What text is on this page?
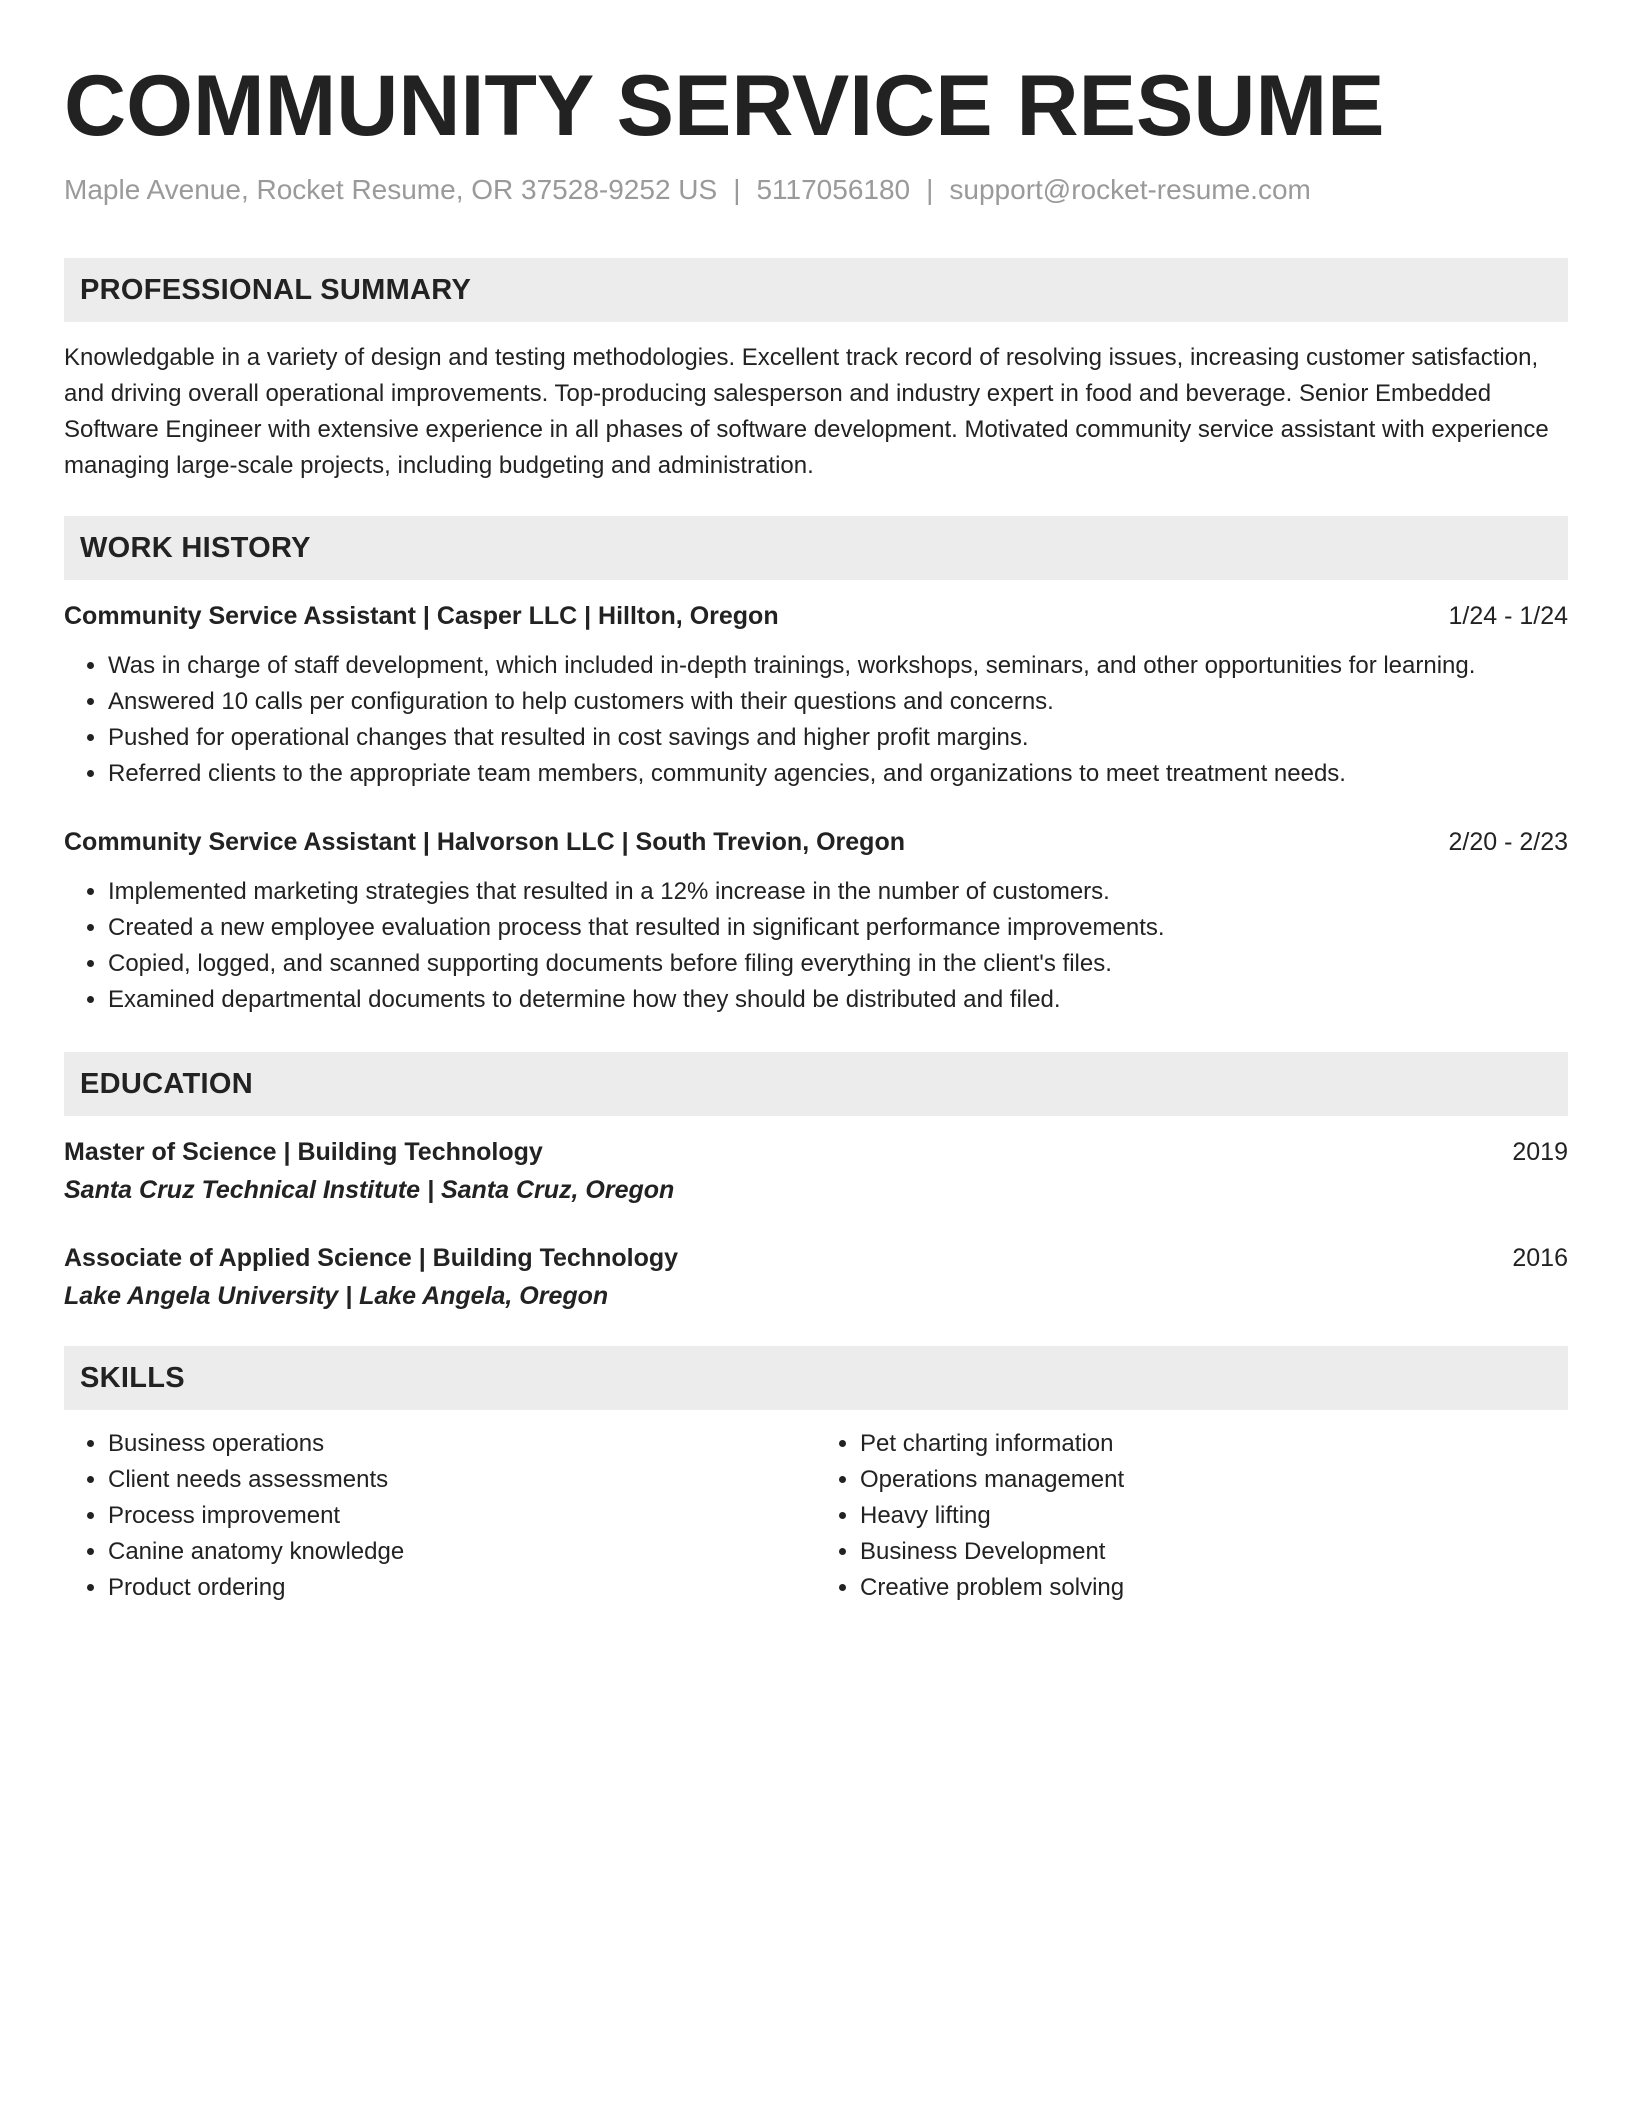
COMMUNITY SERVICE RESUME
Maple Avenue, Rocket Resume, OR 37528-9252 US | 5117056180 | support@rocket-resume.com
PROFESSIONAL SUMMARY

Knowledgable in a variety of design and testing methodologies. Excellent track record of resolving issues, increasing customer satisfaction, and driving overall operational improvements. Top-producing salesperson and industry expert in food and beverage. Senior Embedded Software Engineer with extensive experience in all phases of software development. Motivated community service assistant with experience managing large-scale projects, including budgeting and administration.

WORK HISTORY
Community Service Assistant | Casper LLC | Hillton, Oregon	1/24 - 1/24
• Was in charge of staff development, which included in-depth trainings, workshops, seminars, and other opportunities for learning.
• Answered 10 calls per configuration to help customers with their questions and concerns.
• Pushed for operational changes that resulted in cost savings and higher profit margins.
• Referred clients to the appropriate team members, community agencies, and organizations to meet treatment needs.
Community Service Assistant | Halvorson LLC | South Trevion, Oregon	2/20 - 2/23
• Implemented marketing strategies that resulted in a 12% increase in the number of customers.
• Created a new employee evaluation process that resulted in significant performance improvements.
• Copied, logged, and scanned supporting documents before filing everything in the client's files.
• Examined departmental documents to determine how they should be distributed and filed.
EDUCATION
Master of Science | Building Technology	2019
Santa Cruz Technical Institute | Santa Cruz, Oregon
Associate of Applied Science | Building Technology	2016
Lake Angela University | Lake Angela, Oregon
SKILLS
• Business operations
• Client needs assessments
• Process improvement
• Canine anatomy knowledge
• Product ordering
• Pet charting information
• Operations management
• Heavy lifting
• Business Development
• Creative problem solving
